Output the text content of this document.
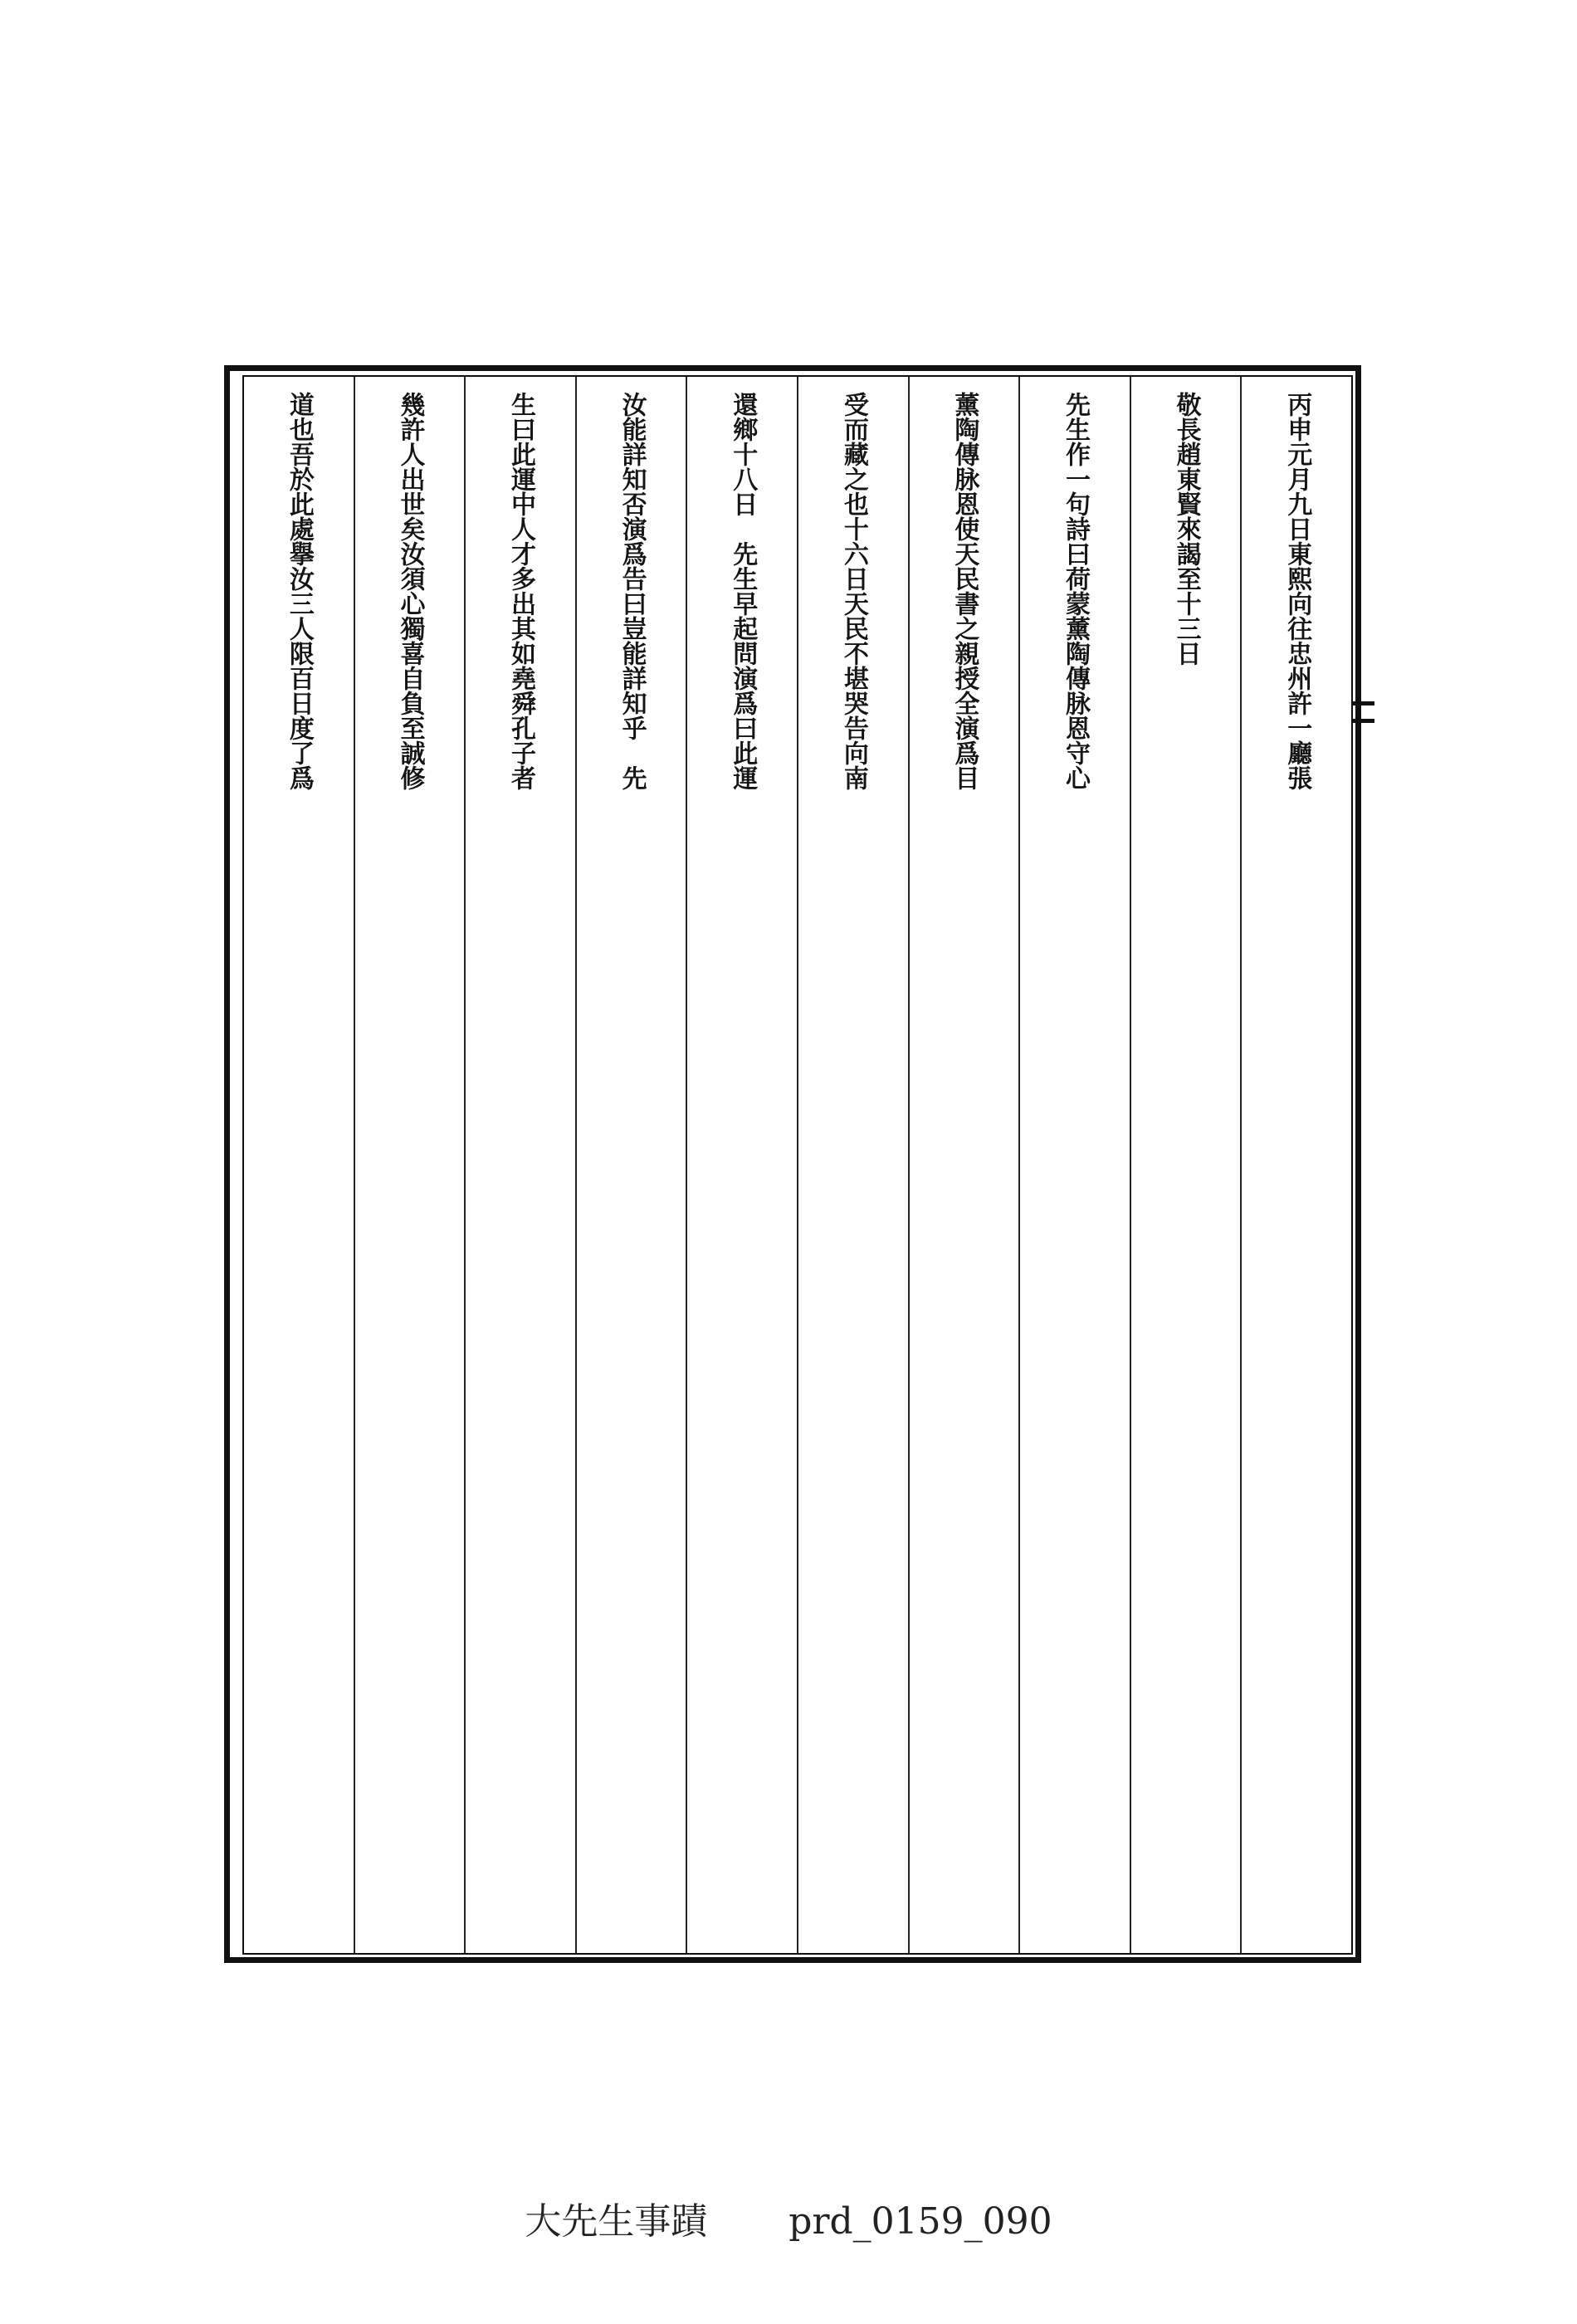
丙申元月九日東熙向往忠州許一廳張
敬長趙東賢來謁至十三日
先生作一句詩曰荷蒙薰陶傳脉恩守心
薰陶傳脉恩使天民書之親授全演爲目
受而藏之也十六日天民不堪哭告向南
還鄉十八日　先生早起問演爲曰此運
汝能詳知否演爲告曰豈能詳知乎　先
生曰此運中人才多出其如堯舜孔子者
幾許人出世矣汝須心獨喜自負至誠修
道也吾於此處擧汝三人限百日度了爲
大先生事蹟 prd_0159_090
